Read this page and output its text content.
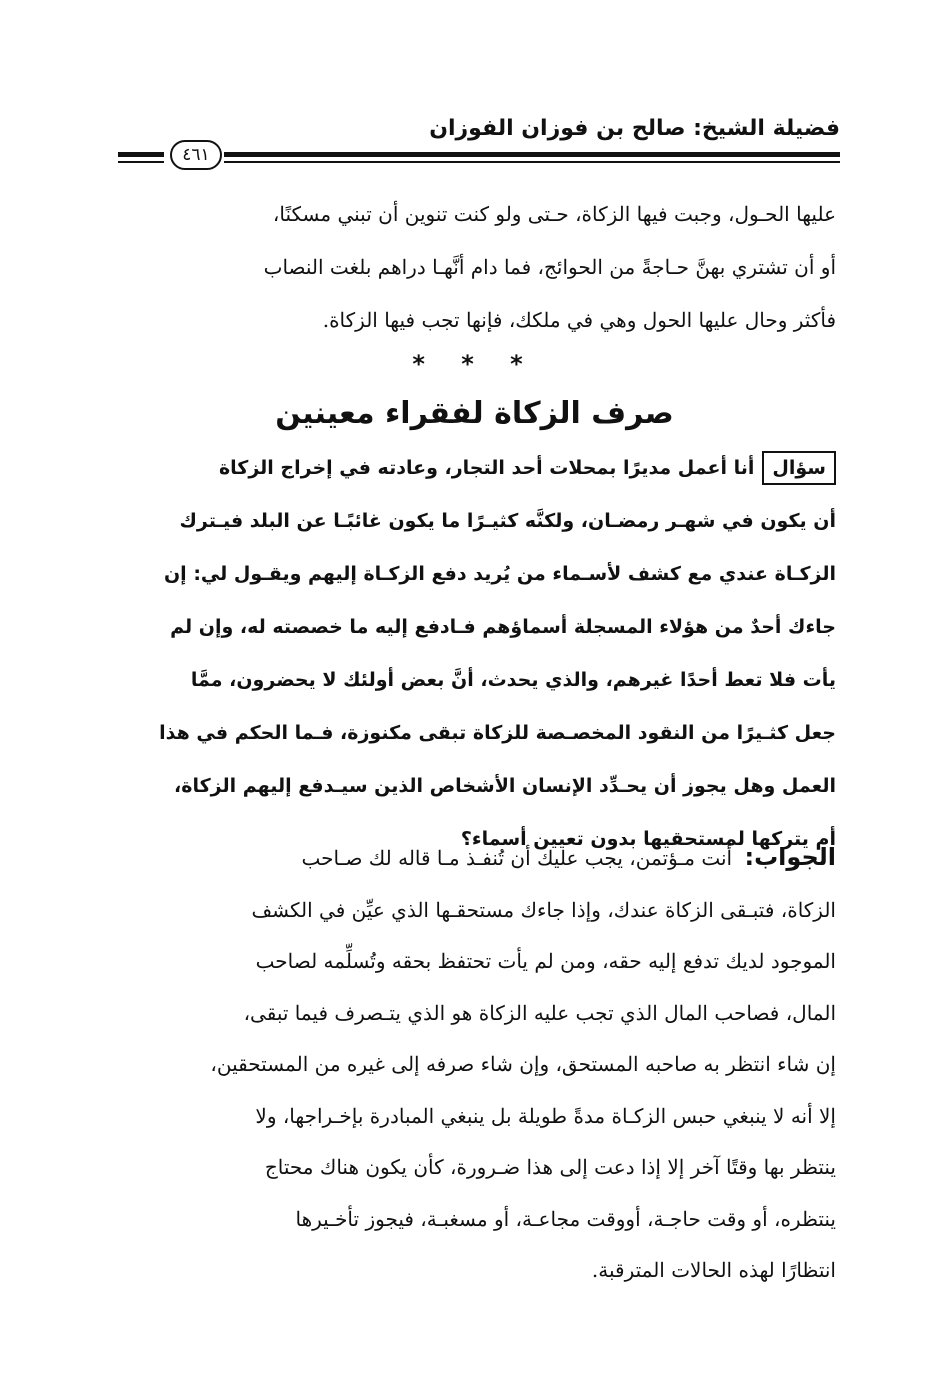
فضيلة الشيخ: صالح بن فوزان الفوزان
٤٦١
عليها الحـول، وجبت فيها الزكاة، حـتى ولو كنت تنوين أن تبني مسكنًا،
أو أن تشتري بهنَّ حـاجةً من الحوائج، فما دام أنَّهـا دراهم بلغت النصاب
فأكثر وحال عليها الحول وهي في ملكك، فإنها تجب فيها الزكاة.
* * *
صرف الزكاة لفقراء معينين
سؤالأنا أعمل مديرًا بمحلات أحد التجار، وعادته في إخراج الزكاة
أن يكون في شهـر رمضـان، ولكنَّه كثيـرًا ما يكون غائبًـا عن البلد فيـترك
الزكـاة عندي مع كشف لأسـماء من يُريد دفع الزكـاة إليهم ويقـول لي: إن
جاءك أحدٌ من هؤلاء المسجلة أسماؤهم فـادفع إليه ما خصصته له، وإن لم
يأت فلا تعط أحدًا غيرهم، والذي يحدث، أنَّ بعض أولئك لا يحضرون، ممَّا
جعل كثـيرًا من النقود المخصـصة للزكاة تبقى مكنوزة، فـما الحكم في هذا
العمل وهل يجوز أن يحـدِّد الإنسان الأشخاص الذين سيـدفع إليهم الزكاة،
أم يتركها لمستحقيها بدون تعيين أسماء؟
الجواب: أنت مـؤتمن، يجب عليك أن تُنفـذ مـا قاله لك صـاحب
الزكاة، فتبـقى الزكاة عندك، وإذا جاءك مستحقـها الذي عيِّن في الكشف
الموجود لديك تدفع إليه حقه، ومن لم يأت تحتفظ بحقه وتُسلِّمه لصاحب
المال، فصاحب المال الذي تجب عليه الزكاة هو الذي يتـصرف فيما تبقى،
إن شاء انتظر به صاحبه المستحق، وإن شاء صرفه إلى غيره من المستحقين،
إلا أنه لا ينبغي حبس الزكـاة مدةً طويلة بل ينبغي المبادرة بإخـراجها، ولا
ينتظر بها وقتًا آخر إلا إذا دعت إلى هذا ضـرورة، كأن يكون هناك محتاج
ينتظره، أو وقت حاجـة، أووقت مجاعـة، أو مسغبـة، فيجوز تأخـيرها
انتظارًا لهذه الحالات المترقبة.
